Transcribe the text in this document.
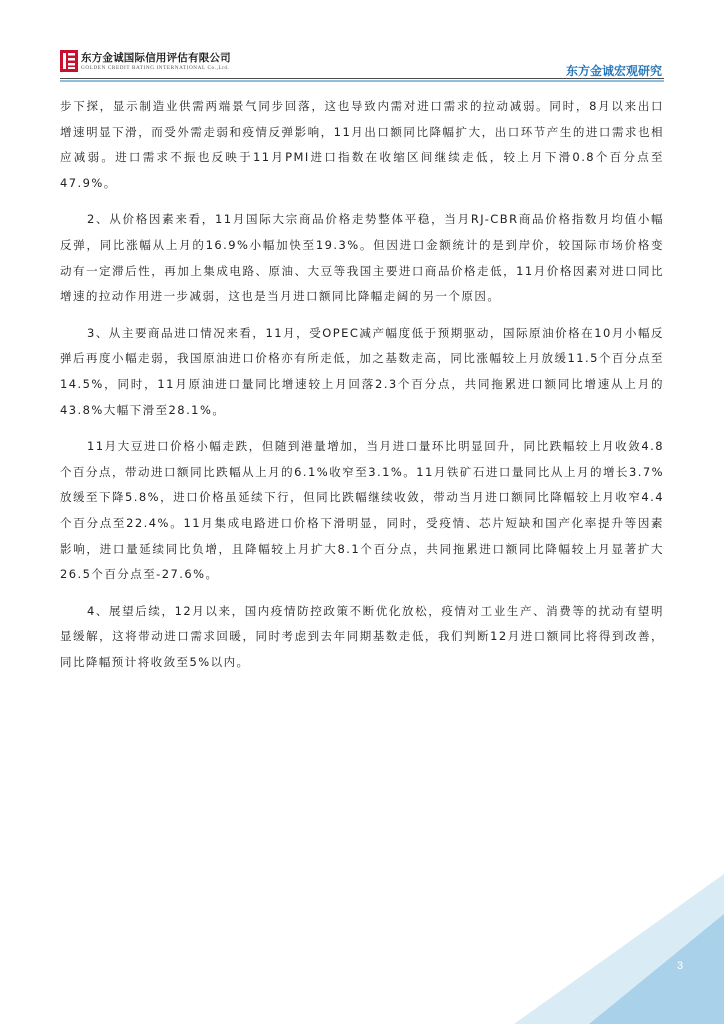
东方金诚国际信用评估有限公司
GOLDEN CREDIT RATING INTERNATIONAL Co.,Ltd.	东方金诚宏观研究

步下探，显示制造业供需两端景气同步回落，这也导致内需对进口需求的拉动减弱。同时，8月以来出口增速明显下滑，而受外需走弱和疫情反弹影响，11月出口额同比降幅扩大，出口环节产生的进口需求也相应减弱。进口需求不振也反映于11月PMI进口指数在收缩区间继续走低，较上月下滑0.8个百分点至47.9%。

2、从价格因素来看，11月国际大宗商品价格走势整体平稳，当月RJ-CBR商品价格指数月均值小幅反弹，同比涨幅从上月的16.9%小幅加快至19.3%。但因进口金额统计的是到岸价，较国际市场价格变动有一定滞后性，再加上集成电路、原油、大豆等我国主要进口商品价格走低，11月价格因素对进口同比增速的拉动作用进一步减弱，这也是当月进口额同比降幅走阔的另一个原因。

3、从主要商品进口情况来看，11月，受OPEC减产幅度低于预期驱动，国际原油价格在10月小幅反弹后再度小幅走弱，我国原油进口价格亦有所走低，加之基数走高，同比涨幅较上月放缓11.5个百分点至14.5%，同时，11月原油进口量同比增速较上月回落2.3个百分点，共同拖累进口额同比增速从上月的43.8%大幅下滑至28.1%。

11月大豆进口价格小幅走跌，但随到港量增加，当月进口量环比明显回升，同比跌幅较上月收敛4.8个百分点，带动进口额同比跌幅从上月的6.1%收窄至3.1%。11月铁矿石进口量同比从上月的增长3.7%放缓至下降5.8%，进口价格虽延续下行，但同比跌幅继续收敛，带动当月进口额同比降幅较上月收窄4.4个百分点至22.4%。11月集成电路进口价格下滑明显，同时，受疫情、芯片短缺和国产化率提升等因素影响，进口量延续同比负增，且降幅较上月扩大8.1个百分点，共同拖累进口额同比降幅较上月显著扩大26.5个百分点至-27.6%。

4、展望后续，12月以来，国内疫情防控政策不断优化放松，疫情对工业生产、消费等的扰动有望明显缓解，这将带动进口需求回暖，同时考虑到去年同期基数走低，我们判断12月进口额同比将得到改善，同比降幅预计将收敛至5%以内。

3
